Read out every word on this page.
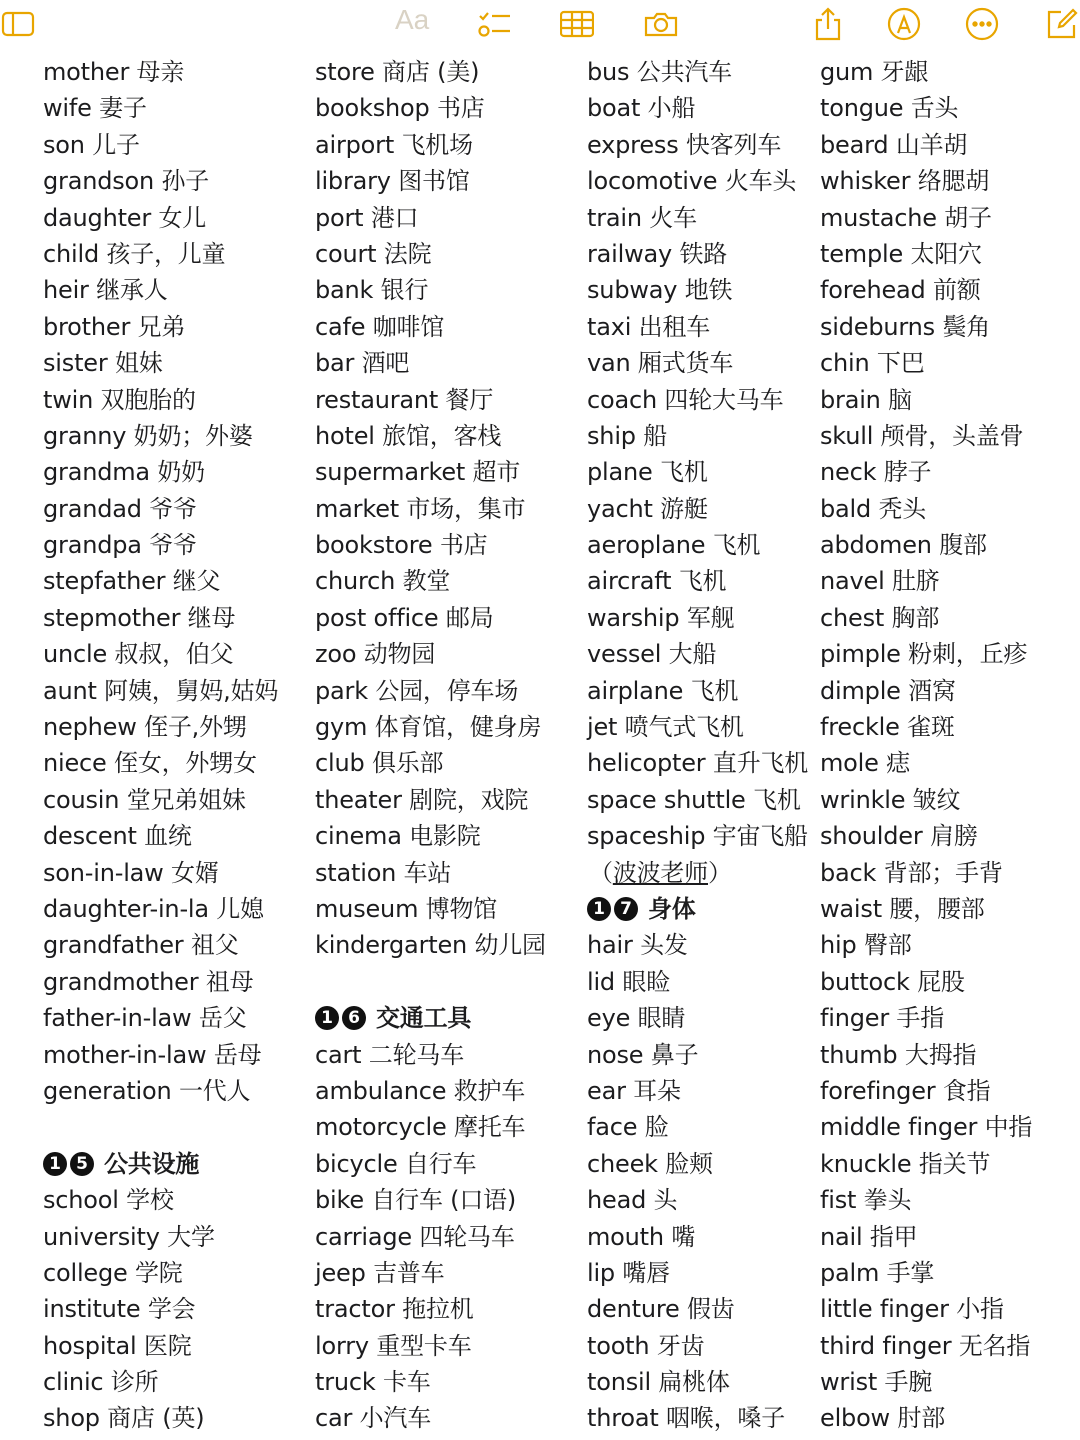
Aa
mother 母亲
wife 妻子
son 儿子
grandson 孙子
daughter 女儿
child 孩子，儿童
heir 继承人
brother 兄弟
sister 姐妹
twin 双胞胎的
granny 奶奶；外婆
grandma 奶奶
grandad 爷爷
grandpa 爷爷
stepfather 继父
stepmother 继母
uncle 叔叔，伯父
aunt 阿姨，舅妈,姑妈
nephew 侄子,外甥
niece 侄女，外甥女
cousin 堂兄弟姐妹
descent 血统
son-in-law 女婿
daughter-in-la 儿媳
grandfather 祖父
grandmother 祖母
father-in-law 岳父
mother-in-law 岳母
generation 一代人
1 5 公共设施
school 学校
university 大学
college 学院
institute 学会
hospital 医院
clinic 诊所
shop 商店 (英)
store 商店 (美)
bookshop 书店
airport 飞机场
library 图书馆
port 港口
court 法院
bank 银行
cafe 咖啡馆
bar 酒吧
restaurant 餐厅
hotel 旅馆，客栈
supermarket 超市
market 市场，集市
bookstore 书店
church 教堂
post office 邮局
zoo 动物园
park 公园，停车场
gym 体育馆，健身房
club 俱乐部
theater 剧院，戏院
cinema 电影院
station 车站
museum 博物馆
kindergarten 幼儿园
1 6 交通工具
cart 二轮马车
ambulance 救护车
motorcycle 摩托车
bicycle 自行车
bike 自行车 (口语)
carriage 四轮马车
jeep 吉普车
tractor 拖拉机
lorry 重型卡车
truck 卡车
car 小汽车
bus 公共汽车
boat 小船
express 快客列车
locomotive 火车头
train 火车
railway 铁路
subway 地铁
taxi 出租车
van 厢式货车
coach 四轮大马车
ship 船
plane 飞机
yacht 游艇
aeroplane 飞机
aircraft 飞机
warship 军舰
vessel 大船
airplane 飞机
jet 喷气式飞机
helicopter 直升飞机
space shuttle 飞机
spaceship 宇宙飞船
（波波老师）
1 7 身体
hair 头发
lid 眼睑
eye 眼睛
nose 鼻子
ear 耳朵
face 脸
cheek 脸颊
head 头
mouth 嘴
lip 嘴唇
denture 假齿
tooth 牙齿
tonsil 扁桃体
throat 咽喉，嗓子
gum 牙龈
tongue 舌头
beard 山羊胡
whisker 络腮胡
mustache 胡子
temple 太阳穴
forehead 前额
sideburns 鬓角
chin 下巴
brain 脑
skull 颅骨，头盖骨
neck 脖子
bald 秃头
abdomen 腹部
navel 肚脐
chest 胸部
pimple 粉刺，丘疹
dimple 酒窝
freckle 雀斑
mole 痣
wrinkle 皱纹
shoulder 肩膀
back 背部；手背
waist 腰，腰部
hip 臀部
buttock 屁股
finger 手指
thumb 大拇指
forefinger 食指
middle finger 中指
knuckle 指关节
fist 拳头
nail 指甲
palm 手掌
little finger 小指
third finger 无名指
wrist 手腕
elbow 肘部
